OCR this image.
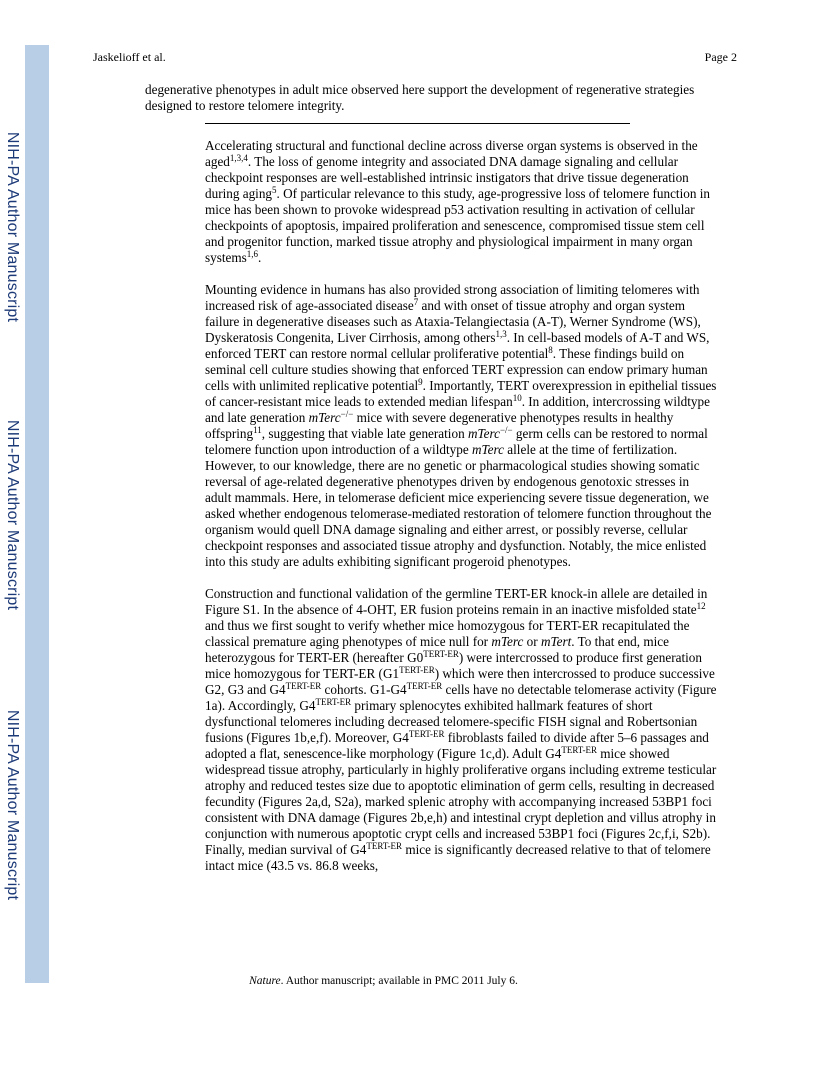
NIH-PA Author Manuscript
NIH-PA Author Manuscript
NIH-PA Author Manuscript
Jaskelioff et al.	Page 2
degenerative phenotypes in adult mice observed here support the development of regenerative strategies designed to restore telomere integrity.

Accelerating structural and functional decline across diverse organ systems is observed in the aged$^{1,3,4}$. The loss of genome integrity and associated DNA damage signaling and cellular checkpoint responses are well-established intrinsic instigators that drive tissue degeneration during aging$^5$. Of particular relevance to this study, age-progressive loss of telomere function in mice has been shown to provoke widespread p53 activation resulting in activation of cellular checkpoints of apoptosis, impaired proliferation and senescence, compromised tissue stem cell and progenitor function, marked tissue atrophy and physiological impairment in many organ systems$^{1,6}$.

Mounting evidence in humans has also provided strong association of limiting telomeres with increased risk of age-associated disease$^7$ and with onset of tissue atrophy and organ system failure in degenerative diseases such as Ataxia-Telangiectasia (A-T), Werner Syndrome (WS), Dyskeratosis Congenita, Liver Cirrhosis, among others$^{1,3}$. In cell-based models of A-T and WS, enforced TERT can restore normal cellular proliferative potential$^8$. These findings build on seminal cell culture studies showing that enforced TERT expression can endow primary human cells with unlimited replicative potential$^9$. Importantly, TERT overexpression in epithelial tissues of cancer-resistant mice leads to extended median lifespan$^{10}$. In addition, intercrossing wildtype and late generation mTerc−/− mice with severe degenerative phenotypes results in healthy offspring$^{11}$, suggesting that viable late generation mTerc−/− germ cells can be restored to normal telomere function upon introduction of a wildtype mTerc allele at the time of fertilization. However, to our knowledge, there are no genetic or pharmacological studies showing somatic reversal of age-related degenerative phenotypes driven by endogenous genotoxic stresses in adult mammals. Here, in telomerase deficient mice experiencing severe tissue degeneration, we asked whether endogenous telomerase-mediated restoration of telomere function throughout the organism would quell DNA damage signaling and either arrest, or possibly reverse, cellular checkpoint responses and associated tissue atrophy and dysfunction. Notably, the mice enlisted into this study are adults exhibiting significant progeroid phenotypes.

Construction and functional validation of the germline TERT-ER knock-in allele are detailed in Figure S1. In the absence of 4-OHT, ER fusion proteins remain in an inactive misfolded state$^{12}$ and thus we first sought to verify whether mice homozygous for TERT-ER recapitulated the classical premature aging phenotypes of mice null for mTerc or mTert. To that end, mice heterozygous for TERT-ER (hereafter $G0^{TERT-ER}$) were intercrossed to produce first generation mice homozygous for TERT-ER $(G1^{TERT-ER})$ which were then intercrossed to produce successive G2, G3 and $G4^{TERT-ER}$ cohorts. $G1-G4^{TERT-ER}$ cells have no detectable telomerase activity (Figure 1a). Accordingly, $G4^{TERT-ER}$ primary splenocytes exhibited hallmark features of short dysfunctional telomeres including decreased telomere-specific FISH signal and Robertsonian fusions (Figures 1b,e,f). Moreover, $G4^{TERT-ER}$ fibroblasts failed to divide after 5–6 passages and adopted a flat, senescence-like morphology (Figure 1c,d). Adult $G4^{TERT-ER}$ mice showed widespread tissue atrophy, particularly in highly proliferative organs including extreme testicular atrophy and reduced testes size due to apoptotic elimination of germ cells, resulting in decreased fecundity (Figures 2a,d, S2a), marked splenic atrophy with accompanying increased 53BP1 foci consistent with DNA damage (Figures 2b,e,h) and intestinal crypt depletion and villus atrophy in conjunction with numerous apoptotic crypt cells and increased 53BP1 foci (Figures 2c,f,i, S2b). Finally, median survival of $G4^{TERT-ER}$ mice is significantly decreased relative to that of telomere intact mice (43.5 vs. 86.8 weeks,

Nature. Author manuscript; available in PMC 2011 July 6.
